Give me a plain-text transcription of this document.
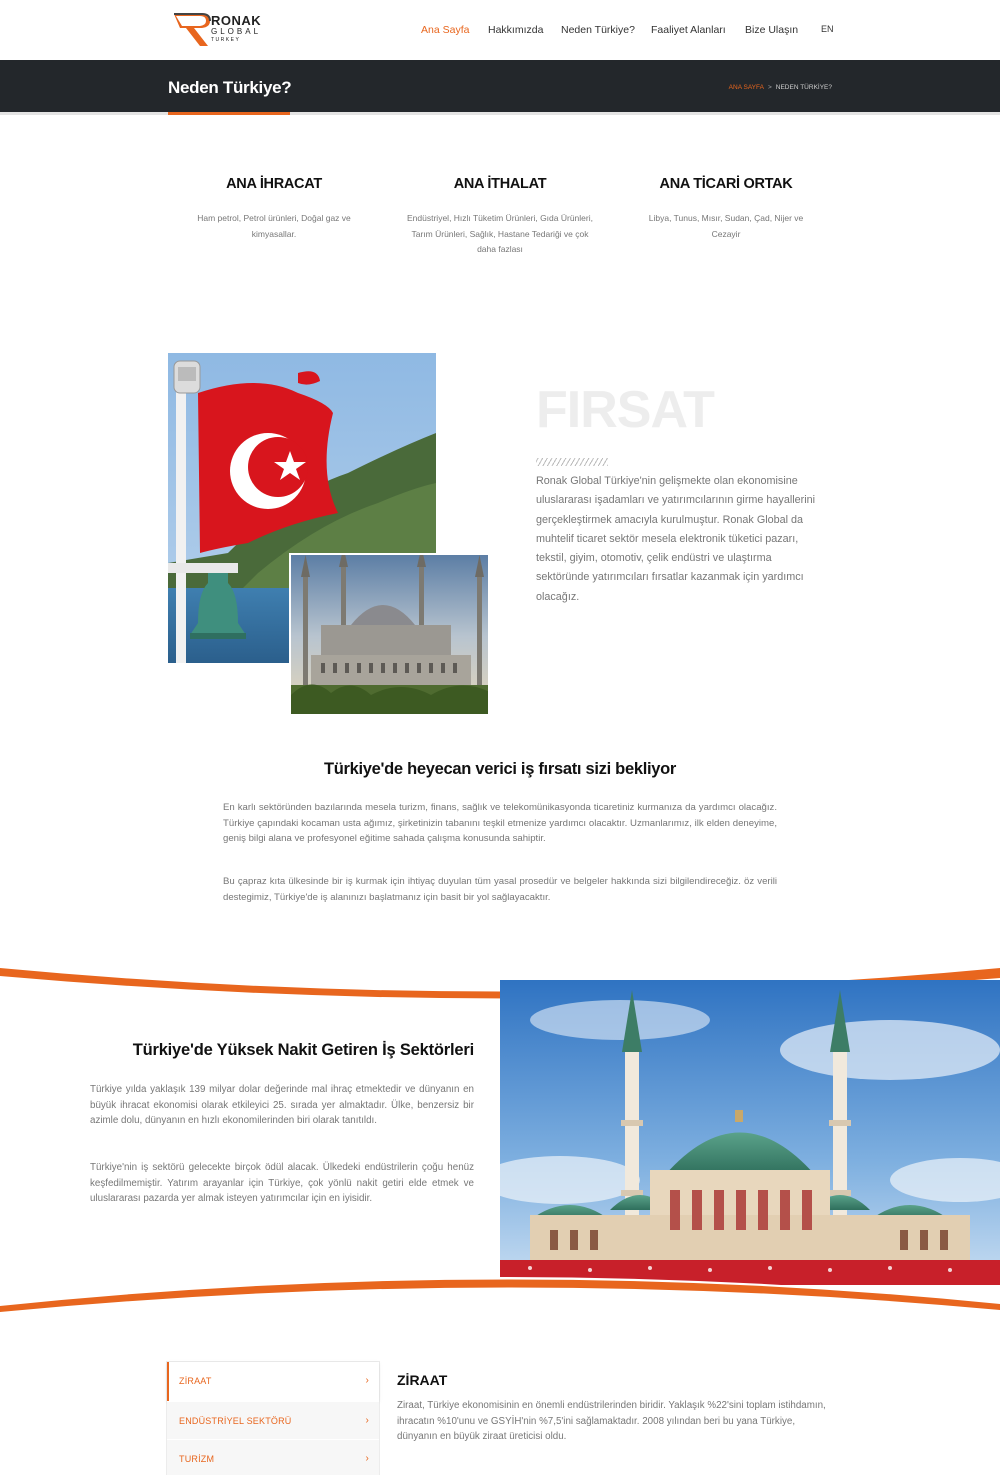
RONAK
GLOBAL
TURKEY
Ana Sayfa Hakkımızda Neden Türkiye? Faaliyet Alanları Bize Ulaşın	EN
Neden Türkiye?	ANA SAYFA > NEDEN TÜRKİYE?
ANA İHRACAT

Ham petrol, Petrol ürünleri, Doğal gaz ve kimyasallar.

ANA İTHALAT

Endüstriyel, Hızlı Tüketim Ürünleri, Gıda Ürünleri, Tarım Ürünleri, Sağlık, Hastane Tedariği ve çok daha fazlası

ANA TİCARİ ORTAK

Libya, Tunus, Mısır, Sudan, Çad, Nijer ve Cezayir

FIRSAT

Ronak Global Türkiye'nin gelişmekte olan ekonomisine uluslararası işadamları ve yatırımcılarının girme hayallerini gerçekleştirmek amacıyla kurulmuştur. Ronak Global da muhtelif ticaret sektör mesela elektronik tüketici pazarı, tekstil, giyim, otomotiv, çelik endüstri ve ulaştırma sektöründe yatırımcıları fırsatlar kazanmak için yardımcı olacağız.

Türkiye'de heyecan verici iş fırsatı sizi bekliyor

En karlı sektöründen bazılarında mesela turizm, finans, sağlık ve telekomünikasyonda ticaretiniz kurmanıza da yardımcı olacağız. Türkiye çapındaki kocaman usta ağımız, şirketinizin tabanını teşkil etmenize yardımcı olacaktır. Uzmanlarımız, ilk elden deneyime, geniş bilgi alana ve profesyonel eğitime sahada çalışma konusunda sahiptir.

Bu çapraz kıta ülkesinde bir iş kurmak için ihtiyaç duyulan tüm yasal prosedür ve belgeler hakkında sizi bilgilendireceğiz. öz verili destegimiz, Türkiye'de iş alanınızı başlatmanız için basit bir yol sağlayacaktır.

Türkiye'de Yüksek Nakit Getiren İş Sektörleri

Türkiye yılda yaklaşık 139 milyar dolar değerinde mal ihraç etmektedir ve dünyanın en büyük ihracat ekonomisi olarak etkileyici 25. sırada yer almaktadır. Ülke, benzersiz bir azimle dolu, dünyanın en hızlı ekonomilerinden biri olarak tanıtıldı.

Türkiye'nin iş sektörü gelecekte birçok ödül alacak. Ülkedeki endüstrilerin çoğu henüz keşfedilmemiştir. Yatırım arayanlar için Türkiye, çok yönlü nakit getiri elde etmek ve uluslararası pazarda yer almak isteyen yatırımcılar için en iyisidir.

ZİRAAT	›
ENDÜSTRİYEL SEKTÖRÜ	›
TURİZM	›
ZİRAAT

Ziraat, Türkiye ekonomisinin en önemli endüstrilerinden biridir. Yaklaşık %22'sini toplam istihdamın, ihracatın %10'unu ve GSYİH'nin %7,5'ini sağlamaktadır. 2008 yılından beri bu yana Türkiye, dünyanın en büyük ziraat üreticisi oldu.
